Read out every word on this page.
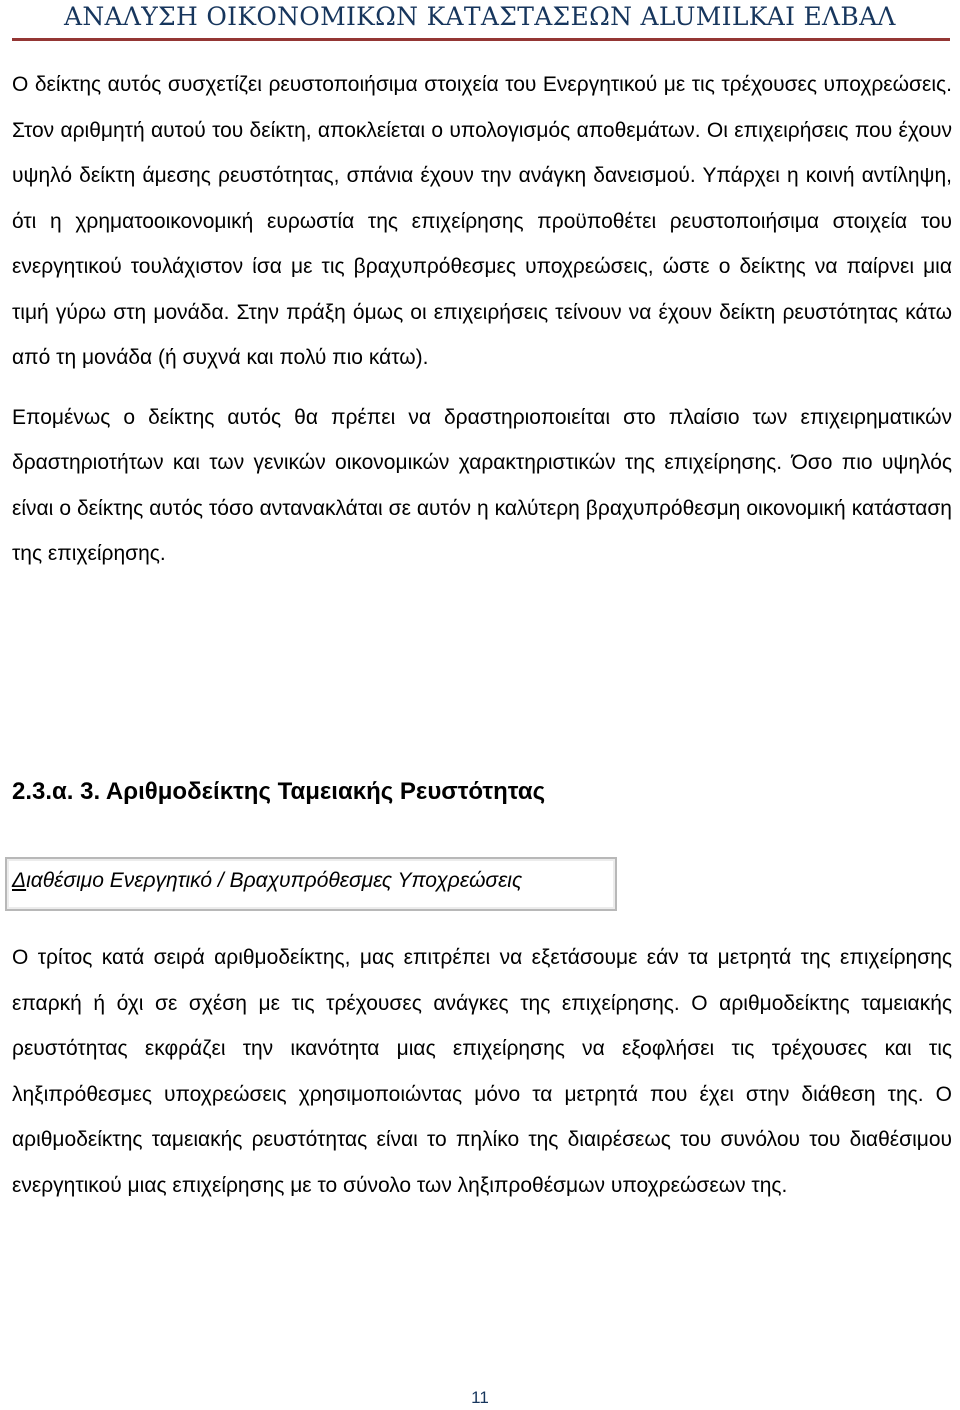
ΑΝΑΛΥΣΗ ΟΙΚΟΝΟΜΙΚΩΝ ΚΑΤΑΣΤΑΣΕΩΝ ALUMILKAI ΕΛΒΑΛ

Ο δείκτης αυτός συσχετίζει ρευστοποιήσιμα στοιχεία του Ενεργητικού με τις τρέχουσες υποχρεώσεις. Στον αριθμητή αυτού του δείκτη, αποκλείεται ο υπολογισμός αποθεμάτων. Οι επιχειρήσεις που έχουν υψηλό δείκτη άμεσης ρευστότητας, σπάνια έχουν την ανάγκη δανεισμού. Υπάρχει η κοινή αντίληψη, ότι η χρηματοοικονομική ευρωστία της επιχείρησης προϋποθέτει ρευστοποιήσιμα στοιχεία του ενεργητικού τουλάχιστον ίσα με τις βραχυπρόθεσμες υποχρεώσεις, ώστε ο δείκτης να παίρνει μια τιμή γύρω στη μονάδα. Στην πράξη όμως οι επιχειρήσεις τείνουν να έχουν δείκτη ρευστότητας κάτω από τη μονάδα (ή συχνά και πολύ πιο κάτω).

Επομένως ο δείκτης αυτός θα πρέπει να δραστηριοποιείται στο πλαίσιο των επιχειρηματικών δραστηριοτήτων και των γενικών οικονομικών χαρακτηριστικών της επιχείρησης. Όσο πιο υψηλός είναι ο δείκτης αυτός τόσο αντανακλάται σε αυτόν η καλύτερη βραχυπρόθεσμη οικονομική κατάσταση της επιχείρησης.

2.3.α. 3. Αριθμοδείκτης Ταμειακής Ρευστότητας
Διαθέσιμο Ενεργητικό / Βραχυπρόθεσμες Υποχρεώσεις

Ο τρίτος κατά σειρά αριθμοδείκτης, μας επιτρέπει να εξετάσουμε εάν τα μετρητά της επιχείρησης επαρκή ή όχι σε σχέση με τις τρέχουσες ανάγκες της επιχείρησης. Ο αριθμοδείκτης ταμειακής ρευστότητας εκφράζει την ικανότητα μιας επιχείρησης να εξοφλήσει τις τρέχουσες και τις ληξιπρόθεσμες υποχρεώσεις χρησιμοποιώντας μόνο τα μετρητά που έχει στην διάθεση της. Ο αριθμοδείκτης ταμειακής ρευστότητας είναι το πηλίκο της διαιρέσεως του συνόλου του διαθέσιμου ενεργητικού μιας επιχείρησης με το σύνολο των ληξιπροθέσμων υποχρεώσεων της.

11
